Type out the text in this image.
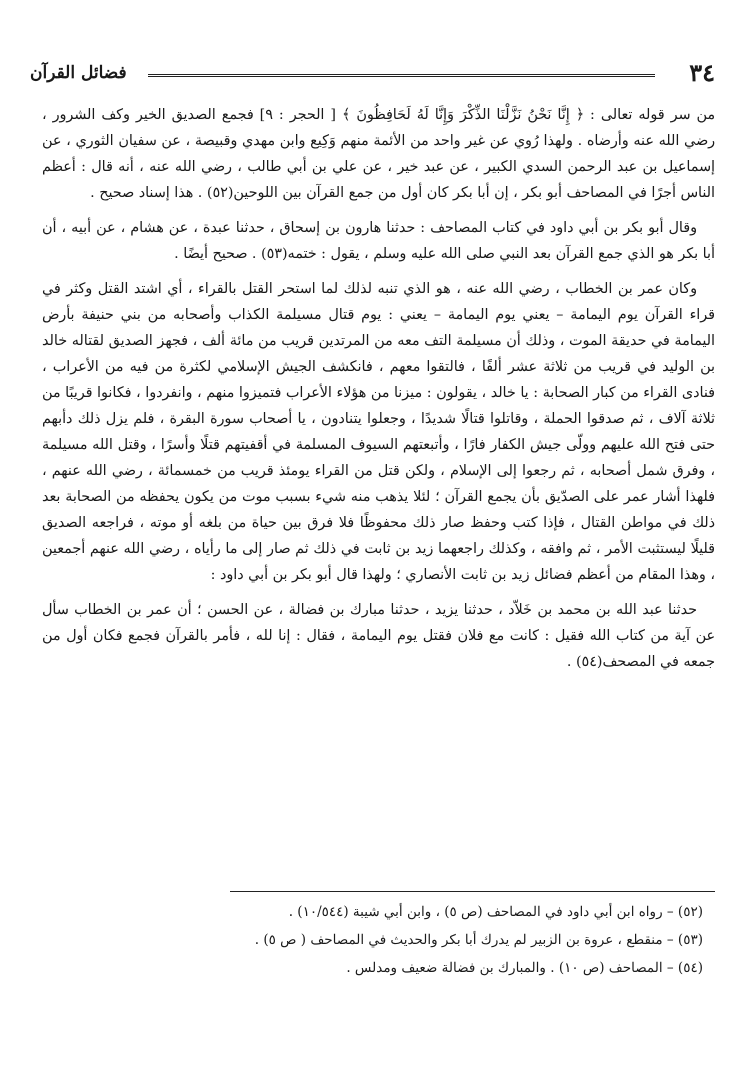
٣٤
فضائل القرآن

من سر قوله تعالى : ﴿ إِنَّا نَحْنُ نَزَّلْنَا الذِّكْرَ وَإِنَّا لَهُ لَحَافِظُونَ ﴾ [ الحجر : ٩] فجمع الصديق الخير وكف الشرور ، رضي الله عنه وأرضاه . ولهذا رُوي عن غير واحد من الأئمة منهم وَكِيع وابن مهدي وقبيصة ، عن سفيان الثوري ، عن إسماعيل بن عبد الرحمن السدي الكبير ، عن عبد خير ، عن علي بن أبي طالب ، رضي الله عنه ، أنه قال : أعظم الناس أجرًا في المصاحف أبو بكر ، إن أبا بكر كان أول من جمع القرآن بين اللوحين(٥٢) . هذا إسناد صحيح .

وقال أبو بكر بن أبي داود في كتاب المصاحف : حدثنا هارون بن إسحاق ، حدثنا عبدة ، عن هشام ، عن أبيه ، أن أبا بكر هو الذي جمع القرآن بعد النبي صلى الله عليه وسلم ، يقول : ختمه(٥٣) . صحيح أيضًا .

وكان عمر بن الخطاب ، رضي الله عنه ، هو الذي تنبه لذلك لما استحر القتل بالقراء ، أي اشتد القتل وكثر في قراء القرآن يوم اليمامة – يعني يوم اليمامة – يعني : يوم قتال مسيلمة الكذاب وأصحابه من بني حنيفة بأرض اليمامة في حديقة الموت ، وذلك أن مسيلمة التف معه من المرتدين قريب من مائة ألف ، فجهز الصديق لقتاله خالد بن الوليد في قريب من ثلاثة عشر ألفًا ، فالتقوا معهم ، فانكشف الجيش الإسلامي لكثرة من فيه من الأعراب ، فنادى القراء من كبار الصحابة : يا خالد ، يقولون : ميزنا من هؤلاء الأعراب فتميزوا منهم ، وانفردوا ، فكانوا قريبًا من ثلاثة آلاف ، ثم صدقوا الحملة ، وقاتلوا قتالًا شديدًا ، وجعلوا يتنادون ، يا أصحاب سورة البقرة ، فلم يزل ذلك دأبهم حتى فتح الله عليهم وولّى جيش الكفار فارًا ، وأتبعتهم السيوف المسلمة في أقفيتهم قتلًا وأسرًا ، وقتل الله مسيلمة ، وفرق شمل أصحابه ، ثم رجعوا إلى الإسلام ، ولكن قتل من القراء يومئذ قريب من خمسمائة ، رضي الله عنهم ، فلهذا أشار عمر على الصدّيق بأن يجمع القرآن ؛ لئلا يذهب منه شيء بسبب موت من يكون يحفظه من الصحابة بعد ذلك في مواطن القتال ، فإذا كتب وحفظ صار ذلك محفوظًا فلا فرق بين حياة من بلغه أو موته ، فراجعه الصديق قليلًا ليستثبت الأمر ، ثم وافقه ، وكذلك راجعهما زيد بن ثابت في ذلك ثم صار إلى ما رأياه ، رضي الله عنهم أجمعين ، وهذا المقام من أعظم فضائل زيد بن ثابت الأنصاري ؛ ولهذا قال أبو بكر بن أبي داود :

حدثنا عبد الله بن محمد بن خَلاّد ، حدثنا يزيد ، حدثنا مبارك بن فضالة ، عن الحسن ؛ أن عمر بن الخطاب سأل عن آية من كتاب الله فقيل : كانت مع فلان فقتل يوم اليمامة ، فقال : إنا لله ، فأمر بالقرآن فجمع فكان أول من جمعه في المصحف(٥٤) .

(٥٢) – رواه ابن أبي داود في المصاحف (ص ٥) ، وابن أبي شيبة (١٠/٥٤٤) .

(٥٣) – منقطع ، عروة بن الزبير لم يدرك أبا بكر والحديث في المصاحف ( ص ٥) .

(٥٤) – المصاحف (ص ١٠) . والمبارك بن فضالة ضعيف ومدلس .
